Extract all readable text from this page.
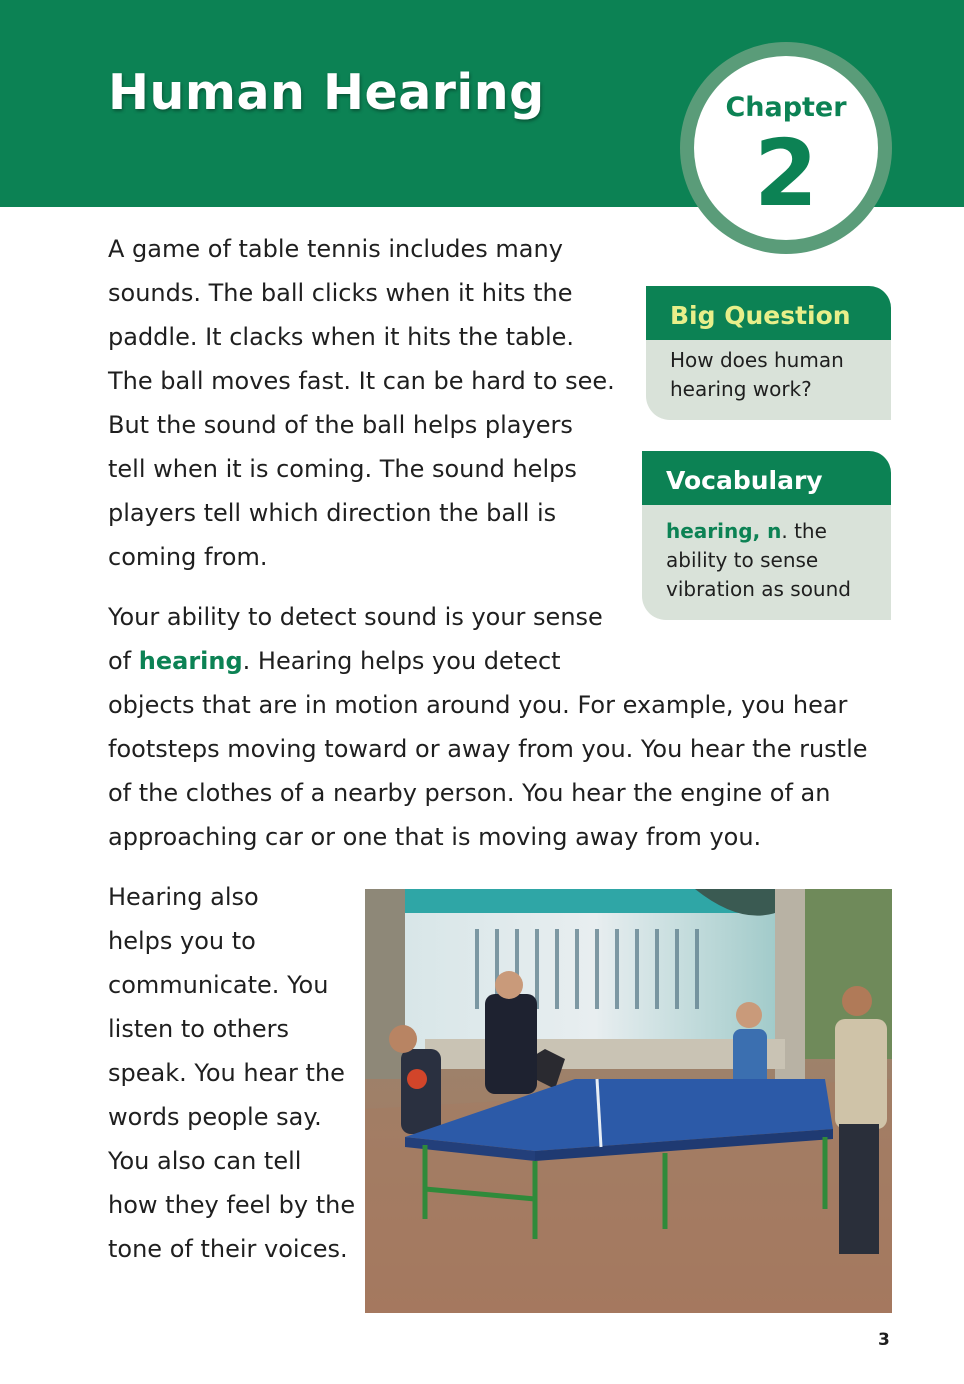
Human Hearing	Chapter
2

A game of table tennis includes many
sounds. The ball clicks when it hits the
paddle. It clacks when it hits the table.
The ball moves fast. It can be hard to see.
But the sound of the ball helps players
tell when it is coming. The sound helps
players tell which direction the ball is
coming from.

Your ability to detect sound is your sense
of hearing. Hearing helps you detect
objects that are in motion around you. For example, you hear
footsteps moving toward or away from you. You hear the rustle
of the clothes of a nearby person. You hear the engine of an
approaching car or one that is moving away from you.

Hearing also
helps you to
communicate. You
listen to others
speak. You hear the
words people say.
You also can tell
how they feel by the
tone of their voices.

Big Question
How does human hearing work?
Vocabulary
hearing, n. the ability to sense vibration as sound
3
